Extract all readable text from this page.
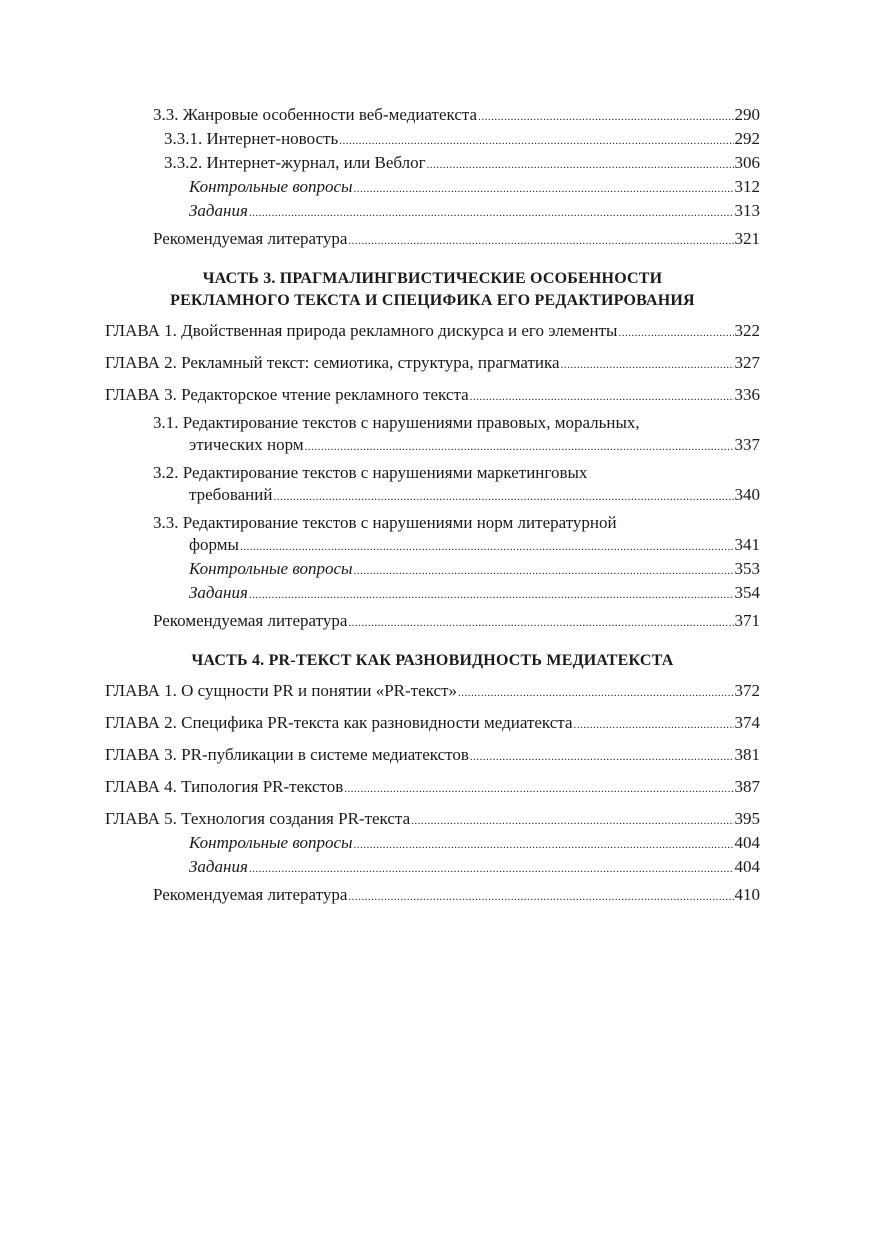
3.3. Жанровые особенности веб-медиатекста .....	290
3.3.1. Интернет-новость .....	292
3.3.2. Интернет-журнал, или Веблог .....	306
Контрольные вопросы .....	312
Задания .....	313
Рекомендуемая литература .....	321
ЧАСТЬ 3. ПРАГМАЛИНГВИСТИЧЕСКИЕ ОСОБЕННОСТИ
РЕКЛАМНОГО ТЕКСТА И СПЕЦИФИКА ЕГО РЕДАКТИРОВАНИЯ
ГЛАВА 1. Двойственная природа рекламного дискурса и его элементы .....	322
ГЛАВА 2. Рекламный текст: семиотика, структура, прагматика .....	327
ГЛАВА 3. Редакторское чтение рекламного текста .....	336
3.1. Редактирование текстов с нарушениями правовых, моральных,
этических норм .....	337
3.2. Редактирование текстов с нарушениями маркетинговых
требований .....	340
3.3. Редактирование текстов с нарушениями норм литературной
формы .....	341
Контрольные вопросы .....	353
Задания .....	354
Рекомендуемая литература .....	371
ЧАСТЬ 4. PR-ТЕКСТ КАК РАЗНОВИДНОСТЬ МЕДИАТЕКСТА
ГЛАВА 1. О сущности PR и понятии «PR-текст» .....	372
ГЛАВА 2. Специфика PR-текста как разновидности медиатекста .....	374
ГЛАВА 3. PR-публикации в системе медиатекстов .....	381
ГЛАВА 4. Типология PR-текстов .....	387
ГЛАВА 5. Технология создания PR-текста .....	395
Контрольные вопросы .....	404
Задания .....	404
Рекомендуемая литература .....	410
